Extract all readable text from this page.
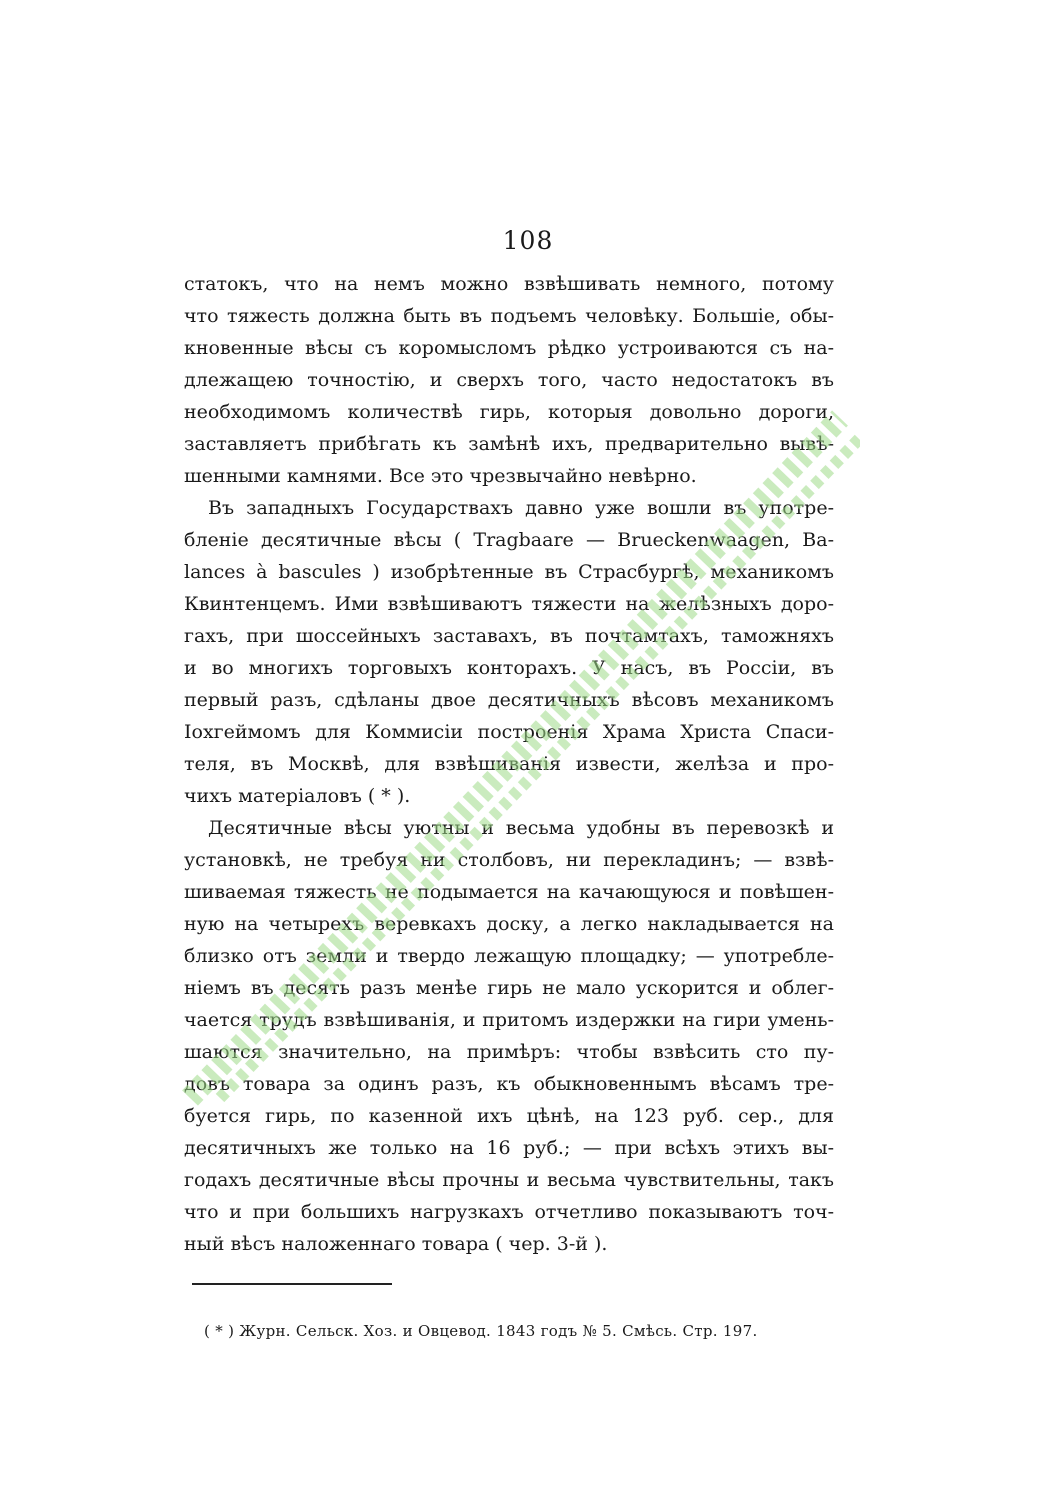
108
статокъ, что на немъ можно взвѣшивать немного, потому
что тяжесть должна быть въ подъемъ человѣку. Большіе, обы-
кновенные вѣсы съ коромысломъ рѣдко устроиваются съ на-
длежащею точностію, и сверхъ того, часто недостатокъ въ
необходимомъ количествѣ гирь, которыя довольно дороги,
заставляетъ прибѣгать къ замѣнѣ ихъ, предварительно вывѣ-
шенными камнями. Все это чрезвычайно невѣрно.
Въ западныхъ Государствахъ давно уже вошли въ употре-
бленіе десятичные вѣсы ( Tragbaare — Brueckenwaagen, Ba-
lances à bascules ) изобрѣтенные въ Страсбургѣ, механикомъ
Квинтенцемъ. Ими взвѣшиваютъ тяжести на желѣзныхъ доро-
гахъ, при шоссейныхъ заставахъ, въ почтамтахъ, таможняхъ
и во многихъ торговыхъ конторахъ. У насъ, въ Россіи, въ
первый разъ, сдѣланы двое десятичныхъ вѣсовъ механикомъ
Іохгеймомъ для Коммисіи построенія Храма Христа Спаси-
теля, въ Москвѣ, для взвѣшиванія извести, желѣза и про-
чихъ матеріаловъ ( * ).
Десятичные вѣсы уютны и весьма удобны въ перевозкѣ и
установкѣ, не требуя ни столбовъ, ни перекладинъ; — взвѣ-
шиваемая тяжесть не подымается на качающуюся и повѣшен-
ную на четырехъ веревкахъ доску, а легко накладывается на
близко отъ земли и твердо лежащую площадку; — употребле-
ніемъ въ десять разъ менѣе гирь не мало ускорится и облег-
чается трудъ взвѣшиванія, и притомъ издержки на гири умень-
шаются значительно, на примѣръ: чтобы взвѣсить сто пу-
довъ товара за одинъ разъ, къ обыкновеннымъ вѣсамъ тре-
буется гирь, по казенной ихъ цѣнѣ, на 123 руб. сер., для
десятичныхъ же только на 16 руб.; — при всѣхъ этихъ вы-
годахъ десятичные вѣсы прочны и весьма чувствительны, такъ
что и при большихъ нагрузкахъ отчетливо показываютъ точ-
ный вѣсъ наложеннаго товара ( чер. 3-й ).
( * ) Журн. Сельск. Хоз. и Овцевод. 1843 годъ № 5. Смѣсь. Стр. 197.
